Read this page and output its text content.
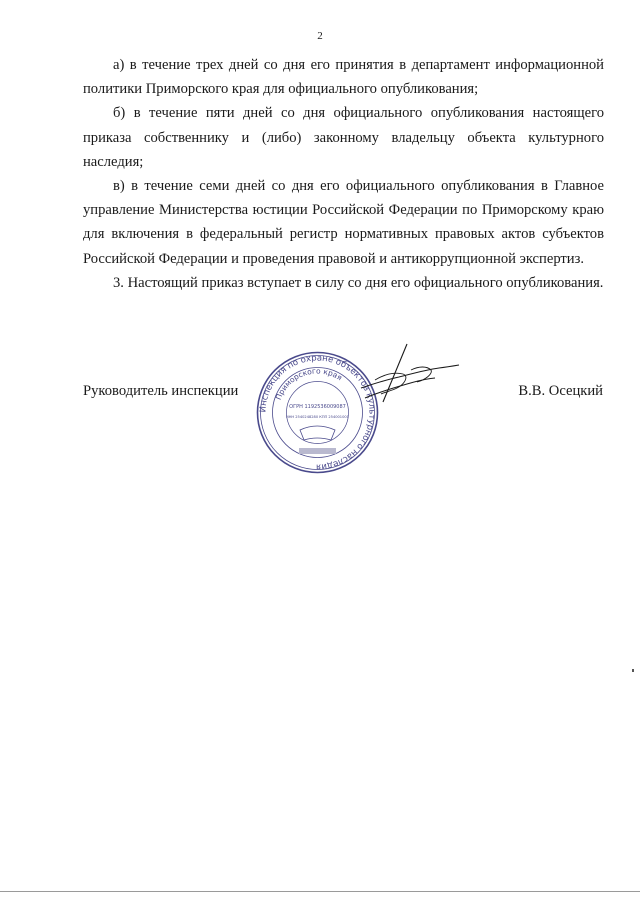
2

а) в течение трех дней со дня его принятия в департамент информационной политики Приморского края для официального опубликования;

б) в течение пяти дней со дня официального опубликования настоящего приказа собственнику и (либо) законному владельцу объекта культурного наследия;

в) в течение семи дней со дня его официального опубликования в Главное управление Министерства юстиции Российской Федерации по Приморскому краю для включения в федеральный регистр нормативных правовых актов субъектов Российской Федерации и проведения правовой и антикоррупционной экспертиз.

3. Настоящий приказ вступает в силу со дня его официального опубликования.

Руководитель инспекции	В.В. Осецкий
Инспекция по охране объектов культурного наследия
Приморского края
ОГРН 1192536009087
ИНН 2540248280 КПП 254001001
